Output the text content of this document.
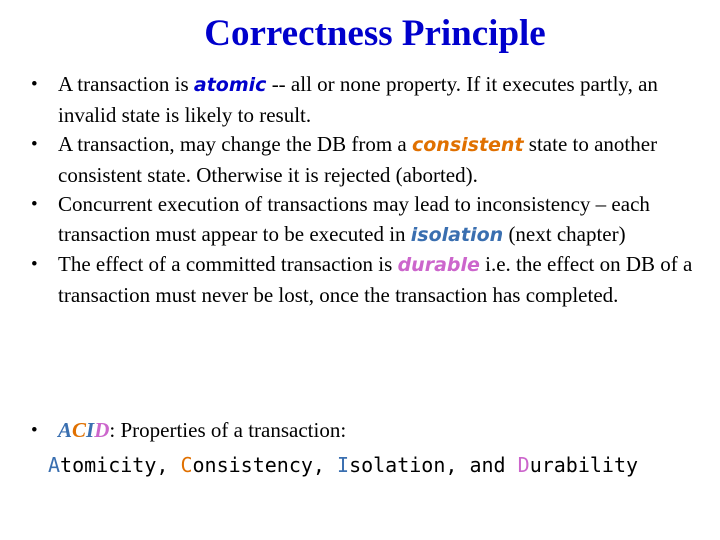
Correctness Principle
• A transaction is atomic -- all or none property. If it executes partly, an invalid state is likely to result.
• A transaction, may change the DB from a consistent state to another consistent state. Otherwise it is rejected (aborted).
• Concurrent execution of transactions may lead to inconsistency – each transaction must appear to be executed in isolation (next chapter)
• The effect of a committed transaction is durable i.e. the effect on DB of a transaction must never be lost, once the transaction has completed.
• ACID: Properties of a transaction:
Atomicity, Consistency, Isolation, and Durability
